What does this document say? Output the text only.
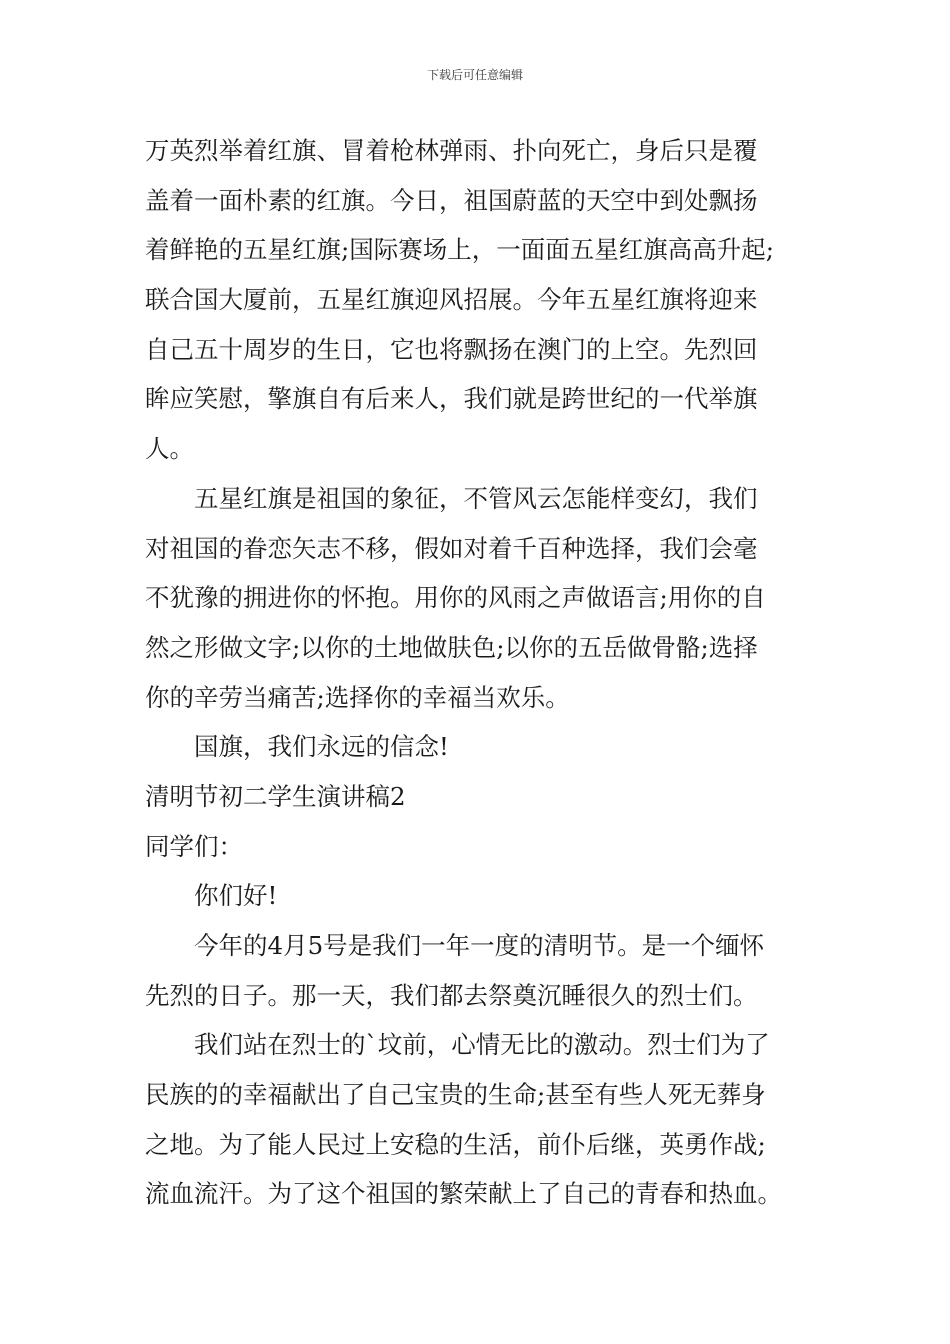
下载后可任意编辑
万英烈举着红旗、冒着枪林弹雨、扑向死亡，身后只是覆
盖着一面朴素的红旗。今日，祖国蔚蓝的天空中到处飘扬
着鲜艳的五星红旗;国际赛场上，一面面五星红旗高高升起;
联合国大厦前，五星红旗迎风招展。今年五星红旗将迎来
自己五十周岁的生日，它也将飘扬在澳门的上空。先烈回
眸应笑慰，擎旗自有后来人，我们就是跨世纪的一代举旗
人。
五星红旗是祖国的象征，不管风云怎能样变幻，我们
对祖国的眷恋矢志不移，假如对着千百种选择，我们会毫
不犹豫的拥进你的怀抱。用你的风雨之声做语言;用你的自
然之形做文字;以你的土地做肤色;以你的五岳做骨骼;选择
你的辛劳当痛苦;选择你的幸福当欢乐。
国旗，我们永远的信念!
清明节初二学生演讲稿2
同学们：
你们好!
今年的4月5号是我们一年一度的清明节。是一个缅怀
先烈的日子。那一天，我们都去祭奠沉睡很久的烈士们。
我们站在烈士的`坟前，心情无比的激动。烈士们为了
民族的的幸福献出了自己宝贵的生命;甚至有些人死无葬身
之地。为了能人民过上安稳的生活，前仆后继，英勇作战;
流血流汗。为了这个祖国的繁荣献上了自己的青春和热血。
